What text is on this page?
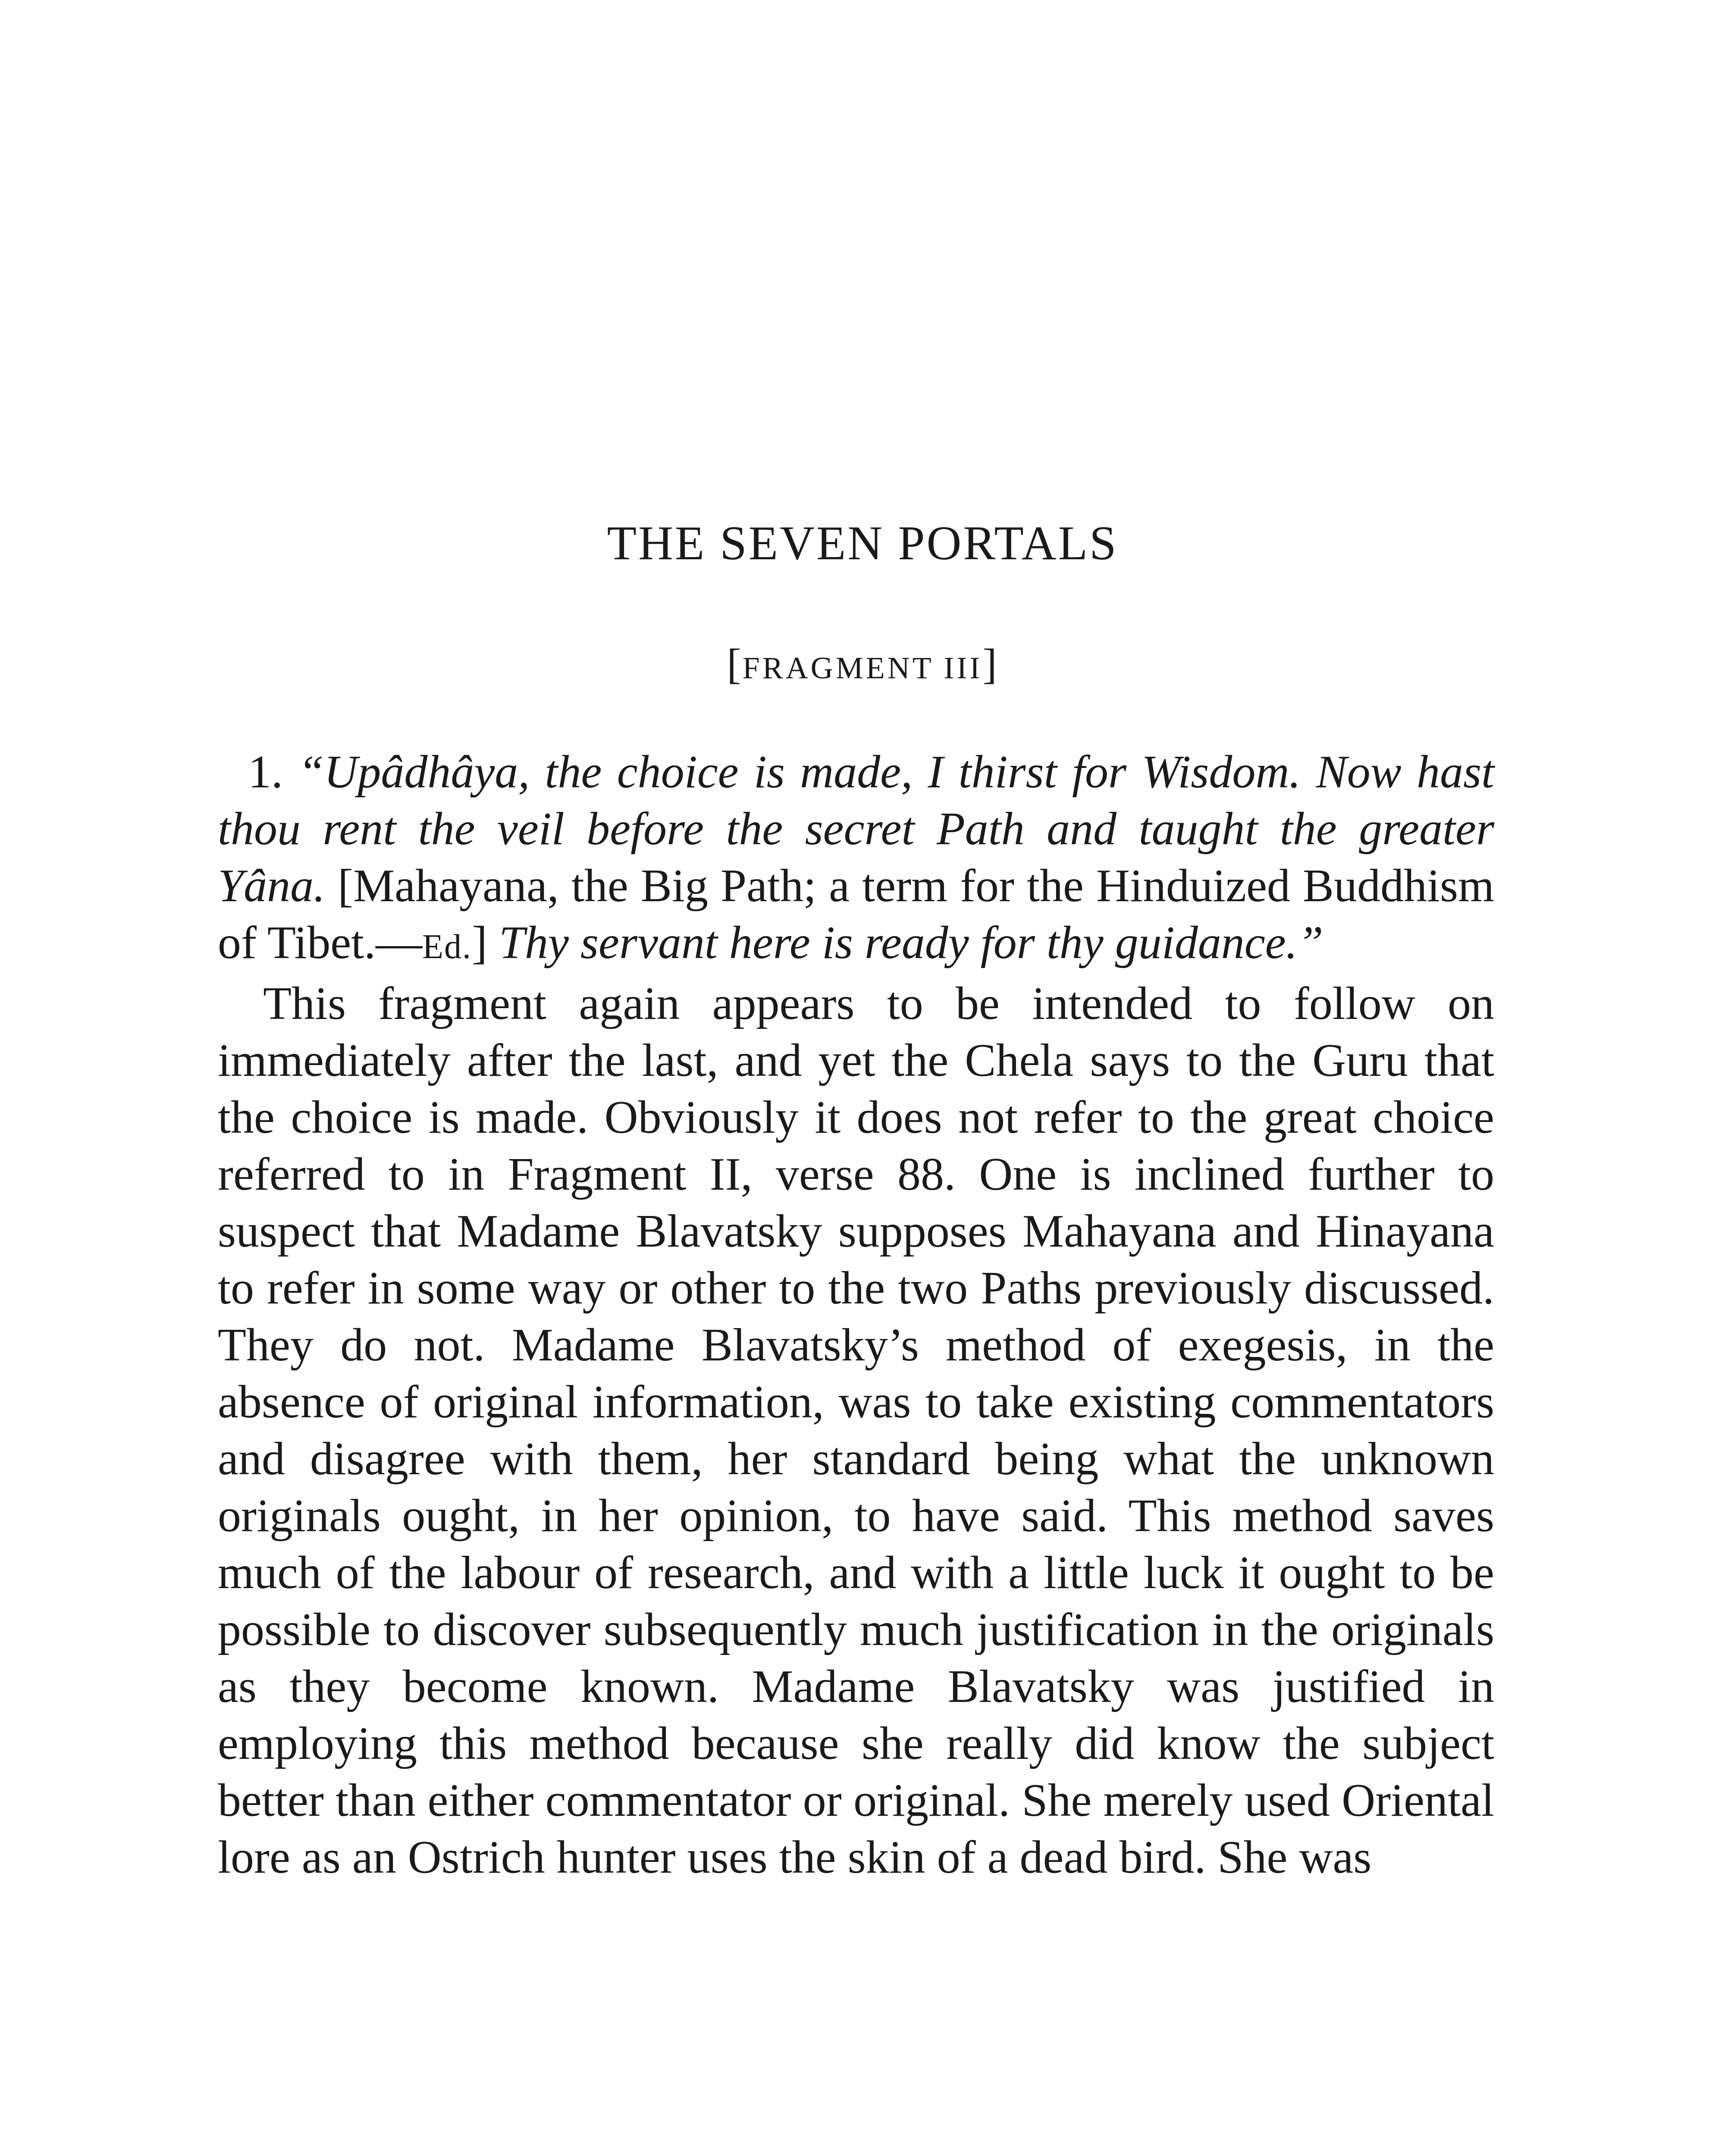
THE SEVEN PORTALS
[FRAGMENT III]

1. “Upâdhâya, the choice is made, I thirst for Wisdom. Now hast thou rent the veil before the secret Path and taught the greater Yâna. [Mahayana, the Big Path; a term for the Hinduized Buddhism of Tibet.—Ed.] Thy servant here is ready for thy guidance.”

This fragment again appears to be intended to follow on immediately after the last, and yet the Chela says to the Guru that the choice is made. Obviously it does not refer to the great choice referred to in Fragment II, verse 88. One is inclined further to suspect that Madame Blavatsky supposes Mahayana and Hinayana to refer in some way or other to the two Paths previously discussed. They do not. Madame Blavatsky’s method of exegesis, in the absence of original information, was to take existing commentators and disagree with them, her standard being what the unknown originals ought, in her opinion, to have said. This method saves much of the labour of research, and with a little luck it ought to be possible to discover subsequently much justification in the originals as they become known. Madame Blavatsky was justified in employing this method because she really did know the subject better than either commentator or original. She merely used Oriental lore as an Ostrich hunter uses the skin of a dead bird. She was
